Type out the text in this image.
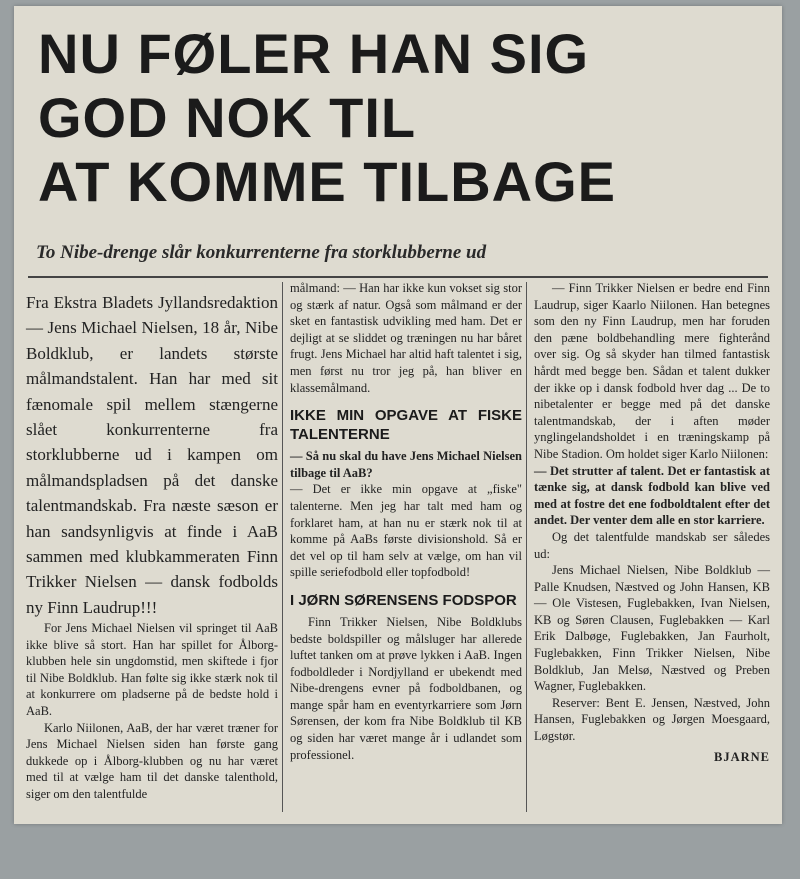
NU FØLER HAN SIG
GOD NOK TIL
AT KOMME TILBAGE
To Nibe-drenge slår konkurrenterne fra storklubberne ud

Fra Ekstra Bladets Jyllandsredaktion — Jens Michael Nielsen, 18 år, Nibe Boldklub, er landets største målmandstalent. Han har med sit fænomale spil mellem stængerne slået konkurrenterne fra storklubberne ud i kampen om målmandspladsen på det danske talentmandskab. Fra næste sæson er han sandsynligvis at finde i AaB sammen med klubkammeraten Finn Trikker Nielsen — dansk fodbolds ny Finn Laudrup!!!

For Jens Michael Nielsen vil springet til AaB ikke blive så stort. Han har spillet for Ålborg-klubben hele sin ungdomstid, men skiftede i fjor til Nibe Boldklub. Han følte sig ikke stærk nok til at konkurrere om pladserne på de bedste hold i AaB.

Karlo Niilonen, AaB, der har været træner for Jens Michael Nielsen siden han første gang dukkede op i Ålborg-klubben og nu har været med til at vælge ham til det danske talenthold, siger om den talentfulde

målmand: — Han har ikke kun vokset sig stor og stærk af natur. Også som målmand er der sket en fantastisk udvikling med ham. Det er dejligt at se sliddet og træningen nu har båret frugt. Jens Michael har altid haft talentet i sig, men først nu tror jeg på, han bliver en klassemålmand.

IKKE MIN OPGAVE AT FISKE TALENTERNE

— Så nu skal du have Jens Michael Nielsen tilbage til AaB?

— Det er ikke min opgave at „fiske" talenterne. Men jeg har talt med ham og forklaret ham, at han nu er stærk nok til at komme på AaBs første divisionshold. Så er det vel op til ham selv at vælge, om han vil spille seriefodbold eller topfodbold!

I JØRN SØRENSENS FODSPOR

Finn Trikker Nielsen, Nibe Boldklubs bedste boldspiller og målsluger har allerede luftet tanken om at prøve lykken i AaB. Ingen fodboldleder i Nordjylland er ubekendt med Nibe-drengens evner på fodboldbanen, og mange spår ham en eventyrkarriere som Jørn Sørensen, der kom fra Nibe Boldklub til KB og siden har været mange år i udlandet som professionel.

— Finn Trikker Nielsen er bedre end Finn Laudrup, siger Kaarlo Niilonen. Han betegnes som den ny Finn Laudrup, men har foruden den pæne boldbehandling mere fighterånd over sig. Og så skyder han tilmed fantastisk hårdt med begge ben. Sådan et talent dukker der ikke op i dansk fodbold hver dag ... De to nibetalenter er begge med på det danske talentmandskab, der i aften møder ynglingelandsholdet i en træningskamp på Nibe Stadion. Om holdet siger Karlo Niilonen:

— Det strutter af talent. Det er fantastisk at tænke sig, at dansk fodbold kan blive ved med at fostre det ene fodboldtalent efter det andet. Der venter dem alle en stor karriere.

Og det talentfulde mandskab ser således ud:

Jens Michael Nielsen, Nibe Boldklub — Palle Knudsen, Næstved og John Hansen, KB — Ole Vistesen, Fuglebakken, Ivan Nielsen, KB og Søren Clausen, Fuglebakken — Karl Erik Dalbøge, Fuglebakken, Jan Faurholt, Fuglebakken, Finn Trikker Nielsen, Nibe Boldklub, Jan Melsø, Næstved og Preben Wagner, Fuglebakken.

Reserver: Bent E. Jensen, Næstved, John Hansen, Fuglebakken og Jørgen Moesgaard, Løgstør.

BJARNE
